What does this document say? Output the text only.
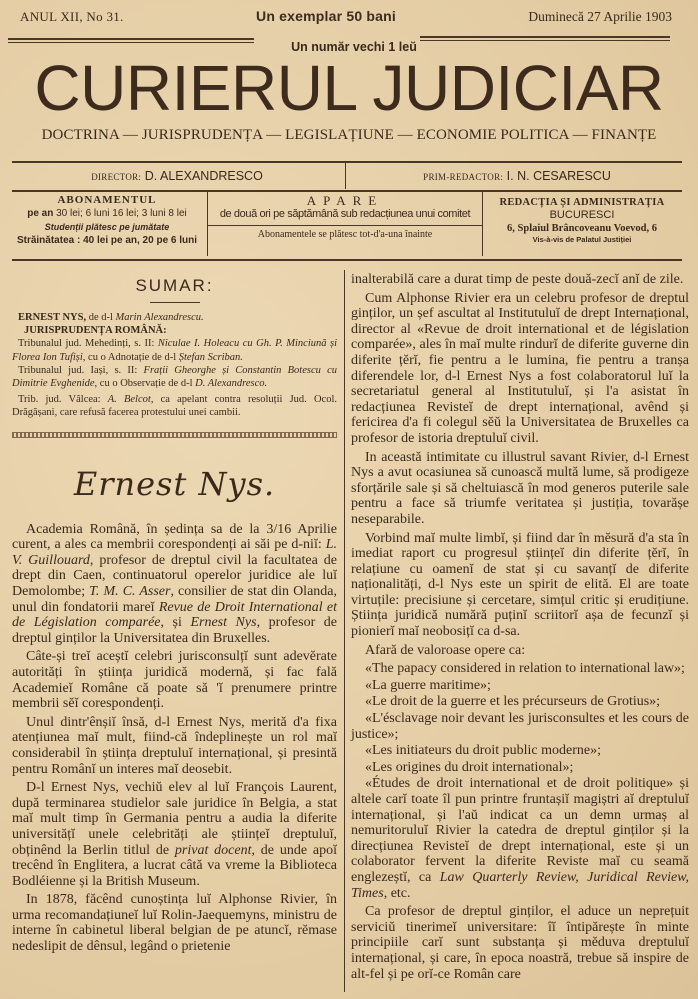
ANUL XII, No 31.	Un exemplar 50 bani	Duminecă 27 Aprilie 1903
Un număr vechi 1 leŭ
CURIERUL JUDICIAR
DOCTRINA — JURISPRUDENȚA — LEGISLAȚIUNE — ECONOMIE POLITICA — FINANȚE
DIRECTOR: D. ALEXANDRESCO	PRIM-REDACTOR: I. N. CESARESCU
ABONAMENTUL
pe an 30 lei; 6 luni 16 lei; 3 luni 8 lei
Studenții plătesc pe jumătate
Străinătatea : 40 lei pe an, 20 pe 6 luni
APARE
de două ori pe săptămână sub redacțiunea unui comitet
Abonamentele se plătesc tot-d'a-una înainte
REDACȚIA ȘI ADMINISTRAȚIA
BUCURESCI
6, Splaiul Brâncoveanu Voevod, 6
Vis-à-vis de Palatul Justiției
SUMAR:

ERNEST NYS, de d-l Marin Alexandrescu.

JURISPRUDENȚA ROMÂNĂ:

Tribunalul jud. Mehedinți, s. II: Niculae I. Holeacu cu Gh. P. Minciună și Florea Ion Tufiși, cu o Adnotație de d-l Ștefan Scriban.

Tribunalul jud. Iași, s. II: Frații Gheorghe și Constantin Botescu cu Dimitrie Evghenide, cu o Observație de d-l D. Alexandresco.

Trib. jud. Vâlcea: A. Belcot, ca apelant contra resoluții Jud. Ocol. Drăgășani, care refusă facerea protestului unei cambii.

Ernest Nys.

Academia Română, în ședința sa de la 3/16 Aprilie curent, a ales ca membrii corespondenți ai săi pe d-niĭ: L. V. Guillouard, profesor de dreptul civil la facultatea de drept din Caen, continuatorul operelor juridice ale luĭ Demolombe; T. M. C. Asser, consilier de stat din Olanda, unul din fondatorii mareĭ Revue de Droit International et de Législation comparée, și Ernest Nys, profesor de dreptul ginților la Universitatea din Bruxelles.

Câte-și treĭ aceștĭ celebri jurisconsulțĭ sunt adevĕrate autorități în știința juridică modernă, și fac fală Academieĭ Române că poate să 'ĭ prenumere printre membrii sĕĭ corespondenți.

Unul dintr'ênșiĭ însă, d-l Ernest Nys, merită d'a fixa atențiunea maĭ mult, fiind-că îndeplinește un rol maĭ considerabil în știința dreptuluĭ internațional, și presintă pentru Românĭ un interes maĭ deosebit.

D-l Ernest Nys, vechiŭ elev al luĭ François Laurent, după terminarea studielor sale juridice în Belgia, a stat maĭ mult timp în Germania pentru a audia la diferite universitățĭ unele celebrități ale științeĭ dreptuluĭ, obținênd la Berlin titlul de privat docent, de unde apoĭ trecênd în Englitera, a lucrat câtă va vreme la Biblioteca Bodléienne și la British Museum.

In 1878, făcênd cunoștința luĭ Alphonse Rivier, în urma recomandațiuneĭ luĭ Rolin-Jaequemyns, ministru de interne în cabinetul liberal belgian de pe atuncĭ, rĕmase nedeslipit de dênsul, legând o prietenie

inalterabilă care a durat timp de peste două-zecĭ anĭ de zile.

Cum Alphonse Rivier era un celebru profesor de dreptul ginților, un șef ascultat al Institutuluĭ de drept Internațional, director al «Revue de droit international et de législation comparée», ales în maĭ multe rindurĭ de diferite guverne din diferite țĕrĭ, fie pentru a le lumina, fie pentru a tranșa diferendele lor, d-l Ernest Nys a fost colaboratorul luĭ la secretariatul general al Institutuluĭ, și l'a asistat în redacțiunea Revisteĭ de drept internațional, avênd și fericirea d'a fi colegul sĕŭ la Universitatea de Bruxelles ca profesor de istoria dreptuluĭ civil.

In această intimitate cu illustrul savant Rivier, d-l Ernest Nys a avut ocasiunea să cunoască multă lume, să prodigeze sforțările sale și să cheltuiască în mod generos puterile sale pentru a face să triumfe veritatea și justiția, tovarășe neseparabile.

Vorbind maĭ multe limbĭ, și fiind dar în mĕsură d'a sta în imediat raport cu progresul științeĭ din diferite țĕrĭ, în relațiune cu oamenĭ de stat și cu savanțĭ de diferite naționalități, d-l Nys este un spirit de elită. El are toate virtuțile: precisiune și cercetare, simțul critic și erudițiune. Știința juridică numără puținĭ scriitorĭ așa de fecunzĭ și pionierĭ maĭ neobosițĭ ca d-sa.

Afară de valoroase opere ca:

«The papacy considered in relation to international law»;

«La guerre maritime»;

«Le droit de la guerre et les précurseurs de Grotius»;

«L'ésclavage noir devant les jurisconsultes et les cours de justice»;

«Les initiateurs du droit public moderne»;

«Les origines du droit international»;

«Études de droit international et de droit politique» și altele carĭ toate îl pun printre fruntașiĭ magiștri aĭ dreptuluĭ internațional, și l'aŭ indicat ca un demn urmaș al nemuritoruluĭ Rivier la catedra de dreptul ginților și la direcțiunea Revisteĭ de drept internațional, este și un colaborator fervent la diferite Reviste maĭ cu seamă englezeștĭ, ca Law Quarterly Review, Juridical Review, Times, etc.

Ca profesor de dreptul ginților, el aduce un neprețuit serviciŭ tinerimeĭ universitare: îĭ întipărește în minte principiile carĭ sunt substanța și mĕduva dreptuluĭ internațional, și care, în epoca noastră, trebue să inspire de alt-fel și pe orĭ-ce Român care
